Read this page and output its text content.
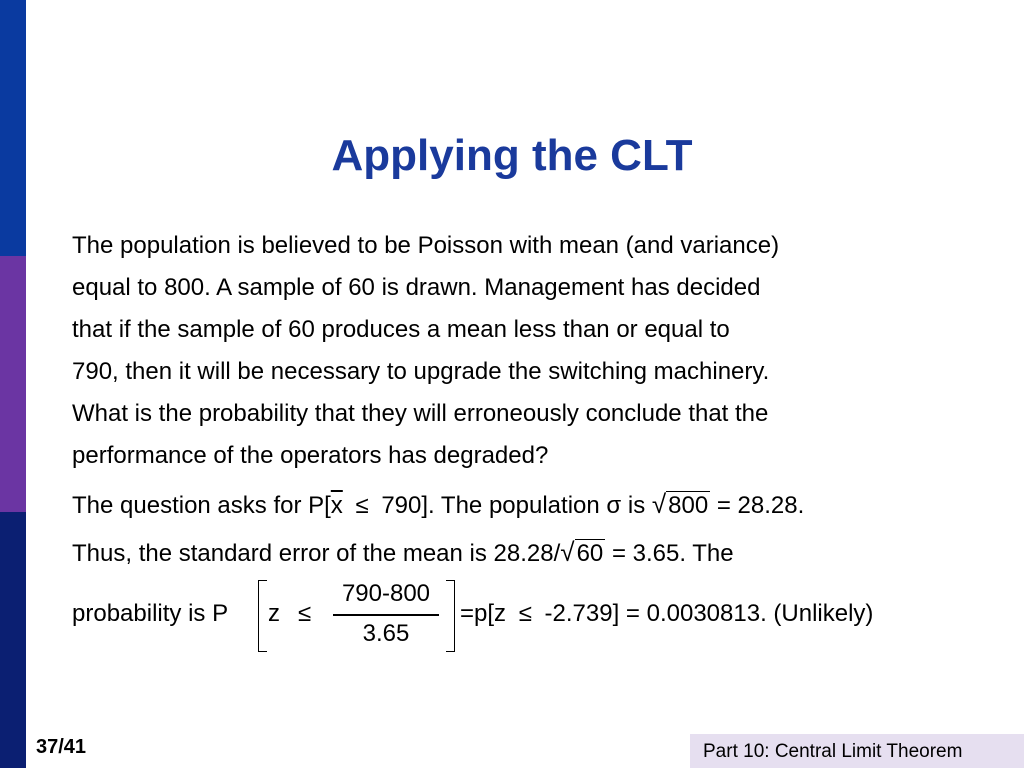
Applying the CLT
The population is believed to be Poisson with mean (and variance)
equal to 800. A sample of 60 is drawn. Management has decided
that if the sample of 60 produces a mean less than or equal to
790, then it will be necessary to upgrade the switching machinery.
What is the probability that they will erroneously conclude that the
performance of the operators has degraded?
The question asks for $P[\overline{x} \le 790]$. The population σ is √800 = 28.28.
Thus, the standard error of the mean is 28.28/√60 = 3.65. The
probability is P z ≤
790-800
3.65
=p[z ≤ -2.739] = 0.0030813. (Unlikely)
37/41	Part 10: Central Limit Theorem
